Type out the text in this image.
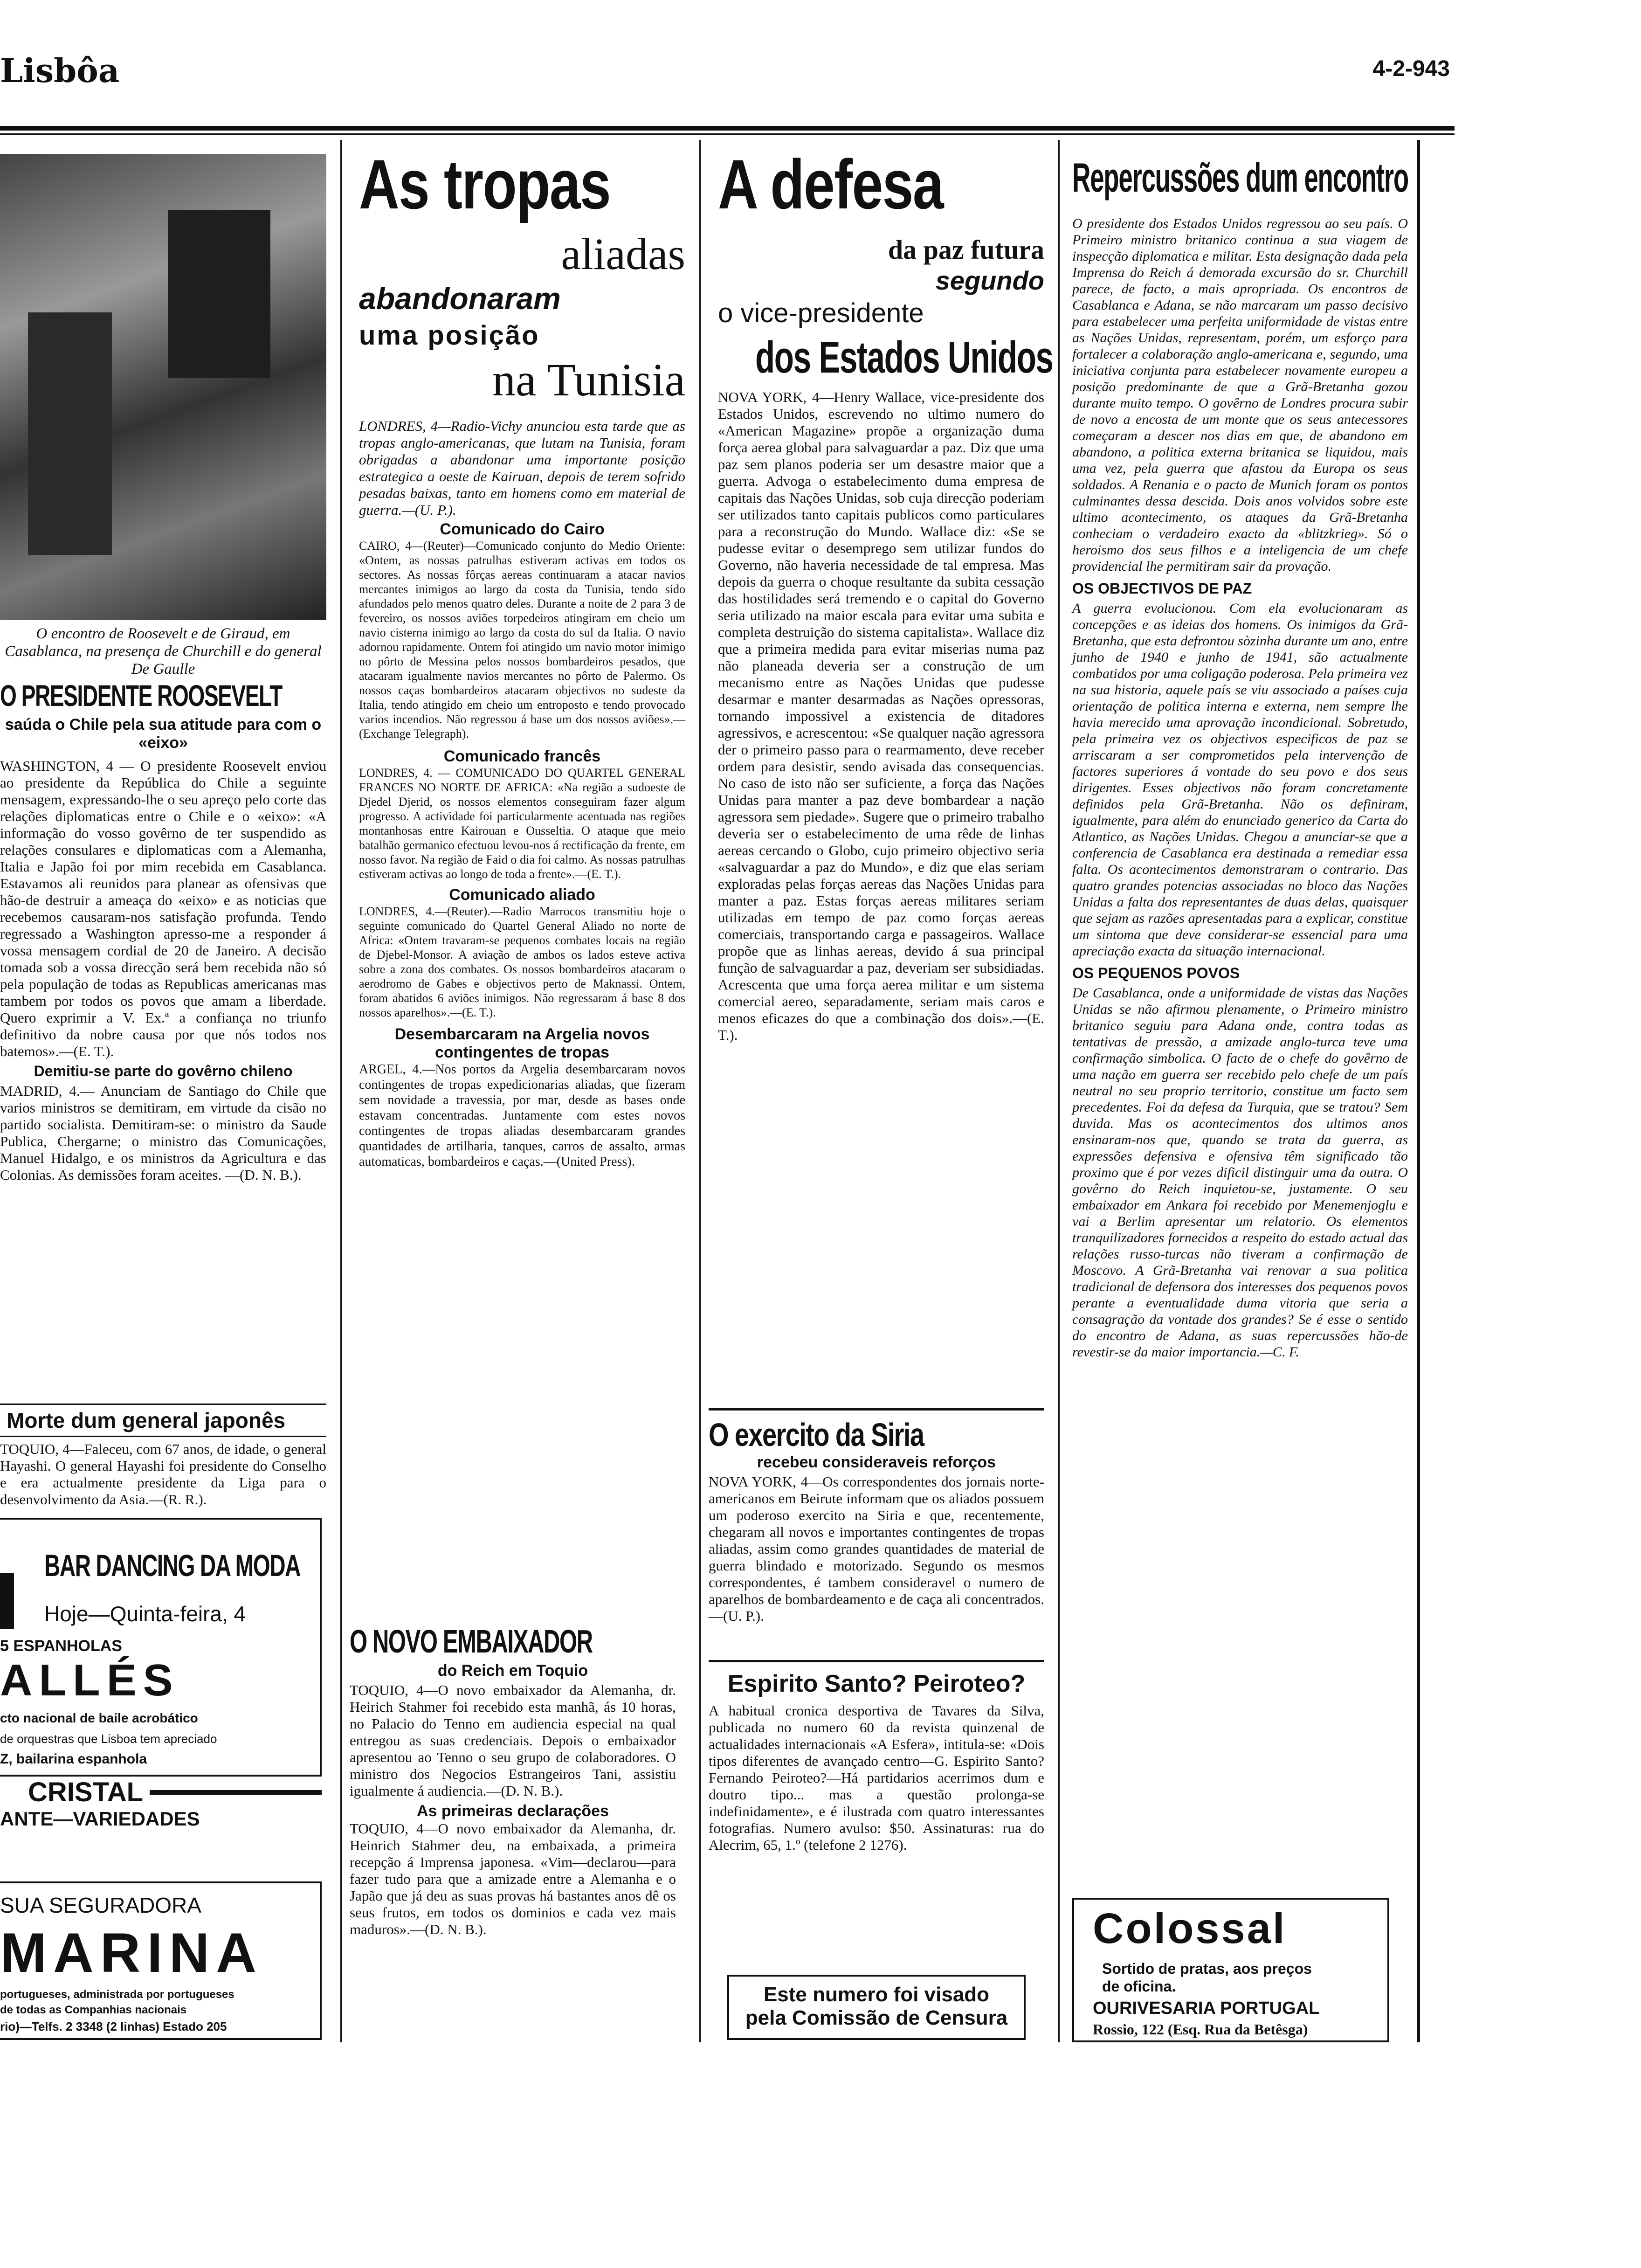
Lisbôa	4-2-943
O encontro de Roosevelt e de Giraud, em Casablanca, na presença de Churchill e do general De Gaulle
O PRESIDENTE ROOSEVELT
saúda o Chile pela sua atitude para com o «eixo»
WASHINGTON, 4 — O presidente Roosevelt enviou ao presidente da República do Chile a seguinte mensagem, expressando-lhe o seu apreço pelo corte das relações diplomaticas entre o Chile e o «eixo»: «A informação do vosso govêrno de ter suspendido as relações consulares e diplomaticas com a Alemanha, Italia e Japão foi por mim recebida em Casablanca. Estavamos ali reunidos para planear as ofensivas que hão-de destruir a ameaça do «eixo» e as noticias que recebemos causaram-nos satisfação profunda. Tendo regressado a Washington apresso-me a responder á vossa mensagem cordial de 20 de Janeiro. A decisão tomada sob a vossa direcção será bem recebida não só pela população de todas as Republicas americanas mas tambem por todos os povos que amam a liberdade. Quero exprimir a V. Ex.ª a confiança no triunfo definitivo da nobre causa por que nós todos nos batemos».—(E. T.).
Demitiu-se parte do govêrno chileno
MADRID, 4.— Anunciam de Santiago do Chile que varios ministros se demitiram, em virtude da cisão no partido socialista. Demitiram-se: o ministro da Saude Publica, Chergarne; o ministro das Comunicações, Manuel Hidalgo, e os ministros da Agricultura e das Colonias. As demissões foram aceites. —(D. N. B.).
Morte dum general japonês
TOQUIO, 4—Faleceu, com 67 anos, de idade, o general Hayashi. O general Hayashi foi presidente do Conselho e era actualmente presidente da Liga para o desenvolvimento da Asia.—(R. R.).
BAR DANCING DA MODA
Hoje—Quinta-feira, 4
5 ESPANHOLAS
ALLÉS
cto nacional de baile acrobático
de orquestras que Lisboa tem apreciado
Z, bailarina espanhola
CRISTAL
ANTE—VARIEDADES
SUA SEGURADORA
MARINA
portugueses, administrada por portugueses
de todas as Companhias nacionais
rio)—Telfs. 2 3348 (2 linhas) Estado 205
As tropas
aliadas
abandonaram
uma posição
na Tunisia
LONDRES, 4—Radio-Vichy anunciou esta tarde que as tropas anglo-americanas, que lutam na Tunisia, foram obrigadas a abandonar uma importante posição estrategica a oeste de Kairuan, depois de terem sofrido pesadas baixas, tanto em homens como em material de guerra.—(U. P.).
Comunicado do Cairo
CAIRO, 4—(Reuter)—Comunicado conjunto do Medio Oriente: «Ontem, as nossas patrulhas estiveram activas em todos os sectores. As nossas fôrças aereas continuaram a atacar navios mercantes inimigos ao largo da costa da Tunisia, tendo sido afundados pelo menos quatro deles. Durante a noite de 2 para 3 de fevereiro, os nossos aviões torpedeiros atingiram em cheio um navio cisterna inimigo ao largo da costa do sul da Italia. O navio adornou rapidamente. Ontem foi atingido um navio motor inimigo no pôrto de Messina pelos nossos bombardeiros pesados, que atacaram igualmente navios mercantes no pôrto de Palermo. Os nossos caças bombardeiros atacaram objectivos no sudeste da Italia, tendo atingido em cheio um entroposto e tendo provocado varios incendios. Não regressou á base um dos nossos aviões».—(Exchange Telegraph).
Comunicado francês
LONDRES, 4. — COMUNICADO DO QUARTEL GENERAL FRANCES NO NORTE DE AFRICA: «Na região a sudoeste de Djedel Djerid, os nossos elementos conseguiram fazer algum progresso. A actividade foi particularmente acentuada nas regiões montanhosas entre Kairouan e Ousseltia. O ataque que meio batalhão germanico efectuou levou-nos á rectificação da frente, em nosso favor. Na região de Faid o dia foi calmo. As nossas patrulhas estiveram activas ao longo de toda a frente».—(E. T.).
Comunicado aliado
LONDRES, 4.—(Reuter).—Radio Marrocos transmitiu hoje o seguinte comunicado do Quartel General Aliado no norte de Africa: «Ontem travaram-se pequenos combates locais na região de Djebel-Monsor. A aviação de ambos os lados esteve activa sobre a zona dos combates. Os nossos bombardeiros atacaram o aerodromo de Gabes e objectivos perto de Maknassi. Ontem, foram abatidos 6 aviões inimigos. Não regressaram á base 8 dos nossos aparelhos».—(E. T.).
Desembarcaram na Argelia novos contingentes de tropas
ARGEL, 4.—Nos portos da Argelia desembarcaram novos contingentes de tropas expedicionarias aliadas, que fizeram sem novidade a travessia, por mar, desde as bases onde estavam concentradas. Juntamente com estes novos contingentes de tropas aliadas desembarcaram grandes quantidades de artilharia, tanques, carros de assalto, armas automaticas, bombardeiros e caças.—(United Press).
O NOVO EMBAIXADOR
do Reich em Toquio
TOQUIO, 4—O novo embaixador da Alemanha, dr. Heirich Stahmer foi recebido esta manhã, ás 10 horas, no Palacio do Tenno em audiencia especial na qual entregou as suas credenciais. Depois o embaixador apresentou ao Tenno o seu grupo de colaboradores. O ministro dos Negocios Estrangeiros Tani, assistiu igualmente á audiencia.—(D. N. B.).
As primeiras declarações
TOQUIO, 4—O novo embaixador da Alemanha, dr. Heinrich Stahmer deu, na embaixada, a primeira recepção á Imprensa japonesa. «Vim—declarou—para fazer tudo para que a amizade entre a Alemanha e o Japão que já deu as suas provas há bastantes anos dê os seus frutos, em todos os dominios e cada vez mais maduros».—(D. N. B.).
A defesa
da paz futura
segundo
o vice-presidente
dos Estados Unidos
NOVA YORK, 4—Henry Wallace, vice-presidente dos Estados Unidos, escrevendo no ultimo numero do «American Magazine» propõe a organização duma força aerea global para salvaguardar a paz. Diz que uma paz sem planos poderia ser um desastre maior que a guerra. Advoga o estabelecimento duma empresa de capitais das Nações Unidas, sob cuja direcção poderiam ser utilizados tanto capitais publicos como particulares para a reconstrução do Mundo. Wallace diz: «Se se pudesse evitar o desemprego sem utilizar fundos do Governo, não haveria necessidade de tal empresa. Mas depois da guerra o choque resultante da subita cessação das hostilidades será tremendo e o capital do Governo seria utilizado na maior escala para evitar uma subita e completa destruição do sistema capitalista». Wallace diz que a primeira medida para evitar miserias numa paz não planeada deveria ser a construção de um mecanismo entre as Nações Unidas que pudesse desarmar e manter desarmadas as Nações opressoras, tornando impossivel a existencia de ditadores agressivos, e acrescentou: «Se qualquer nação agressora der o primeiro passo para o rearmamento, deve receber ordem para desistir, sendo avisada das consequencias. No caso de isto não ser suficiente, a força das Nações Unidas para manter a paz deve bombardear a nação agressora sem piedade». Sugere que o primeiro trabalho deveria ser o estabelecimento de uma rêde de linhas aereas cercando o Globo, cujo primeiro objectivo seria «salvaguardar a paz do Mundo», e diz que elas seriam exploradas pelas forças aereas das Nações Unidas para manter a paz. Estas forças aereas militares seriam utilizadas em tempo de paz como forças aereas comerciais, transportando carga e passageiros. Wallace propõe que as linhas aereas, devido á sua principal função de salvaguardar a paz, deveriam ser subsidiadas. Acrescenta que uma força aerea militar e um sistema comercial aereo, separadamente, seriam mais caros e menos eficazes do que a combinação dos dois».—(E. T.).
O exercito da Siria
recebeu consideraveis reforços
NOVA YORK, 4—Os correspondentes dos jornais norte-americanos em Beirute informam que os aliados possuem um poderoso exercito na Siria e que, recentemente, chegaram all novos e importantes contingentes de tropas aliadas, assim como grandes quantidades de material de guerra blindado e motorizado. Segundo os mesmos correspondentes, é tambem consideravel o numero de aparelhos de bombardeamento e de caça ali concentrados.—(U. P.).
Espirito Santo? Peiroteo?
A habitual cronica desportiva de Tavares da Silva, publicada no numero 60 da revista quinzenal de actualidades internacionais «A Esfera», intitula-se: «Dois tipos diferentes de avançado centro—G. Espirito Santo? Fernando Peiroteo?—Há partidarios acerrimos dum e doutro tipo... mas a questão prolonga-se indefinidamente», e é ilustrada com quatro interessantes fotografias. Numero avulso: $50. Assinaturas: rua do Alecrim, 65, 1.º (telefone 2 1276).
Este numero foi visado
pela Comissão de Censura
Repercussões dum encontro
O presidente dos Estados Unidos regressou ao seu país. O Primeiro ministro britanico continua a sua viagem de inspecção diplomatica e militar. Esta designação dada pela Imprensa do Reich á demorada excursão do sr. Churchill parece, de facto, a mais apropriada. Os encontros de Casablanca e Adana, se não marcaram um passo decisivo para estabelecer uma perfeita uniformidade de vistas entre as Nações Unidas, representam, porém, um esforço para fortalecer a colaboração anglo-americana e, segundo, uma iniciativa conjunta para estabelecer novamente europeu a posição predominante de que a Grã-Bretanha gozou durante muito tempo. O govêrno de Londres procura subir de novo a encosta de um monte que os seus antecessores começaram a descer nos dias em que, de abandono em abandono, a politica externa britanica se liquidou, mais uma vez, pela guerra que afastou da Europa os seus soldados. A Renania e o pacto de Munich foram os pontos culminantes dessa descida. Dois anos volvidos sobre este ultimo acontecimento, os ataques da Grã-Bretanha conheciam o verdadeiro exacto da «blitzkrieg». Só o heroismo dos seus filhos e a inteligencia de um chefe providencial lhe permitiram sair da provação.
OS OBJECTIVOS DE PAZ
A guerra evolucionou. Com ela evolucionaram as concepções e as ideias dos homens. Os inimigos da Grã-Bretanha, que esta defrontou sòzinha durante um ano, entre junho de 1940 e junho de 1941, são actualmente combatidos por uma coligação poderosa. Pela primeira vez na sua historia, aquele país se viu associado a países cuja orientação de politica interna e externa, nem sempre lhe havia merecido uma aprovação incondicional. Sobretudo, pela primeira vez os objectivos especificos de paz se arriscaram a ser comprometidos pela intervenção de factores superiores á vontade do seu povo e dos seus dirigentes. Esses objectivos não foram concretamente definidos pela Grã-Bretanha. Não os definiram, igualmente, para além do enunciado generico da Carta do Atlantico, as Nações Unidas. Chegou a anunciar-se que a conferencia de Casablanca era destinada a remediar essa falta. Os acontecimentos demonstraram o contrario. Das quatro grandes potencias associadas no bloco das Nações Unidas a falta dos representantes de duas delas, quaisquer que sejam as razões apresentadas para a explicar, constitue um sintoma que deve considerar-se essencial para uma apreciação exacta da situação internacional.
OS PEQUENOS POVOS
De Casablanca, onde a uniformidade de vistas das Nações Unidas se não afirmou plenamente, o Primeiro ministro britanico seguiu para Adana onde, contra todas as tentativas de pressão, a amizade anglo-turca teve uma confirmação simbolica. O facto de o chefe do govêrno de uma nação em guerra ser recebido pelo chefe de um país neutral no seu proprio territorio, constitue um facto sem precedentes. Foi da defesa da Turquia, que se tratou? Sem duvida. Mas os acontecimentos dos ultimos anos ensinaram-nos que, quando se trata da guerra, as expressões defensiva e ofensiva têm significado tão proximo que é por vezes dificil distinguir uma da outra. O govêrno do Reich inquietou-se, justamente. O seu embaixador em Ankara foi recebido por Menemenjoglu e vai a Berlim apresentar um relatorio. Os elementos tranquilizadores fornecidos a respeito do estado actual das relações russo-turcas não tiveram a confirmação de Moscovo. A Grã-Bretanha vai renovar a sua politica tradicional de defensora dos interesses dos pequenos povos perante a eventualidade duma vitoria que seria a consagração da vontade dos grandes? Se é esse o sentido do encontro de Adana, as suas repercussões hão-de revestir-se da maior importancia.—C. F.
Colossal
Sortido de pratas, aos preços
de oficina.
OURIVESARIA PORTUGAL
Rossio, 122 (Esq. Rua da Betêsga)
